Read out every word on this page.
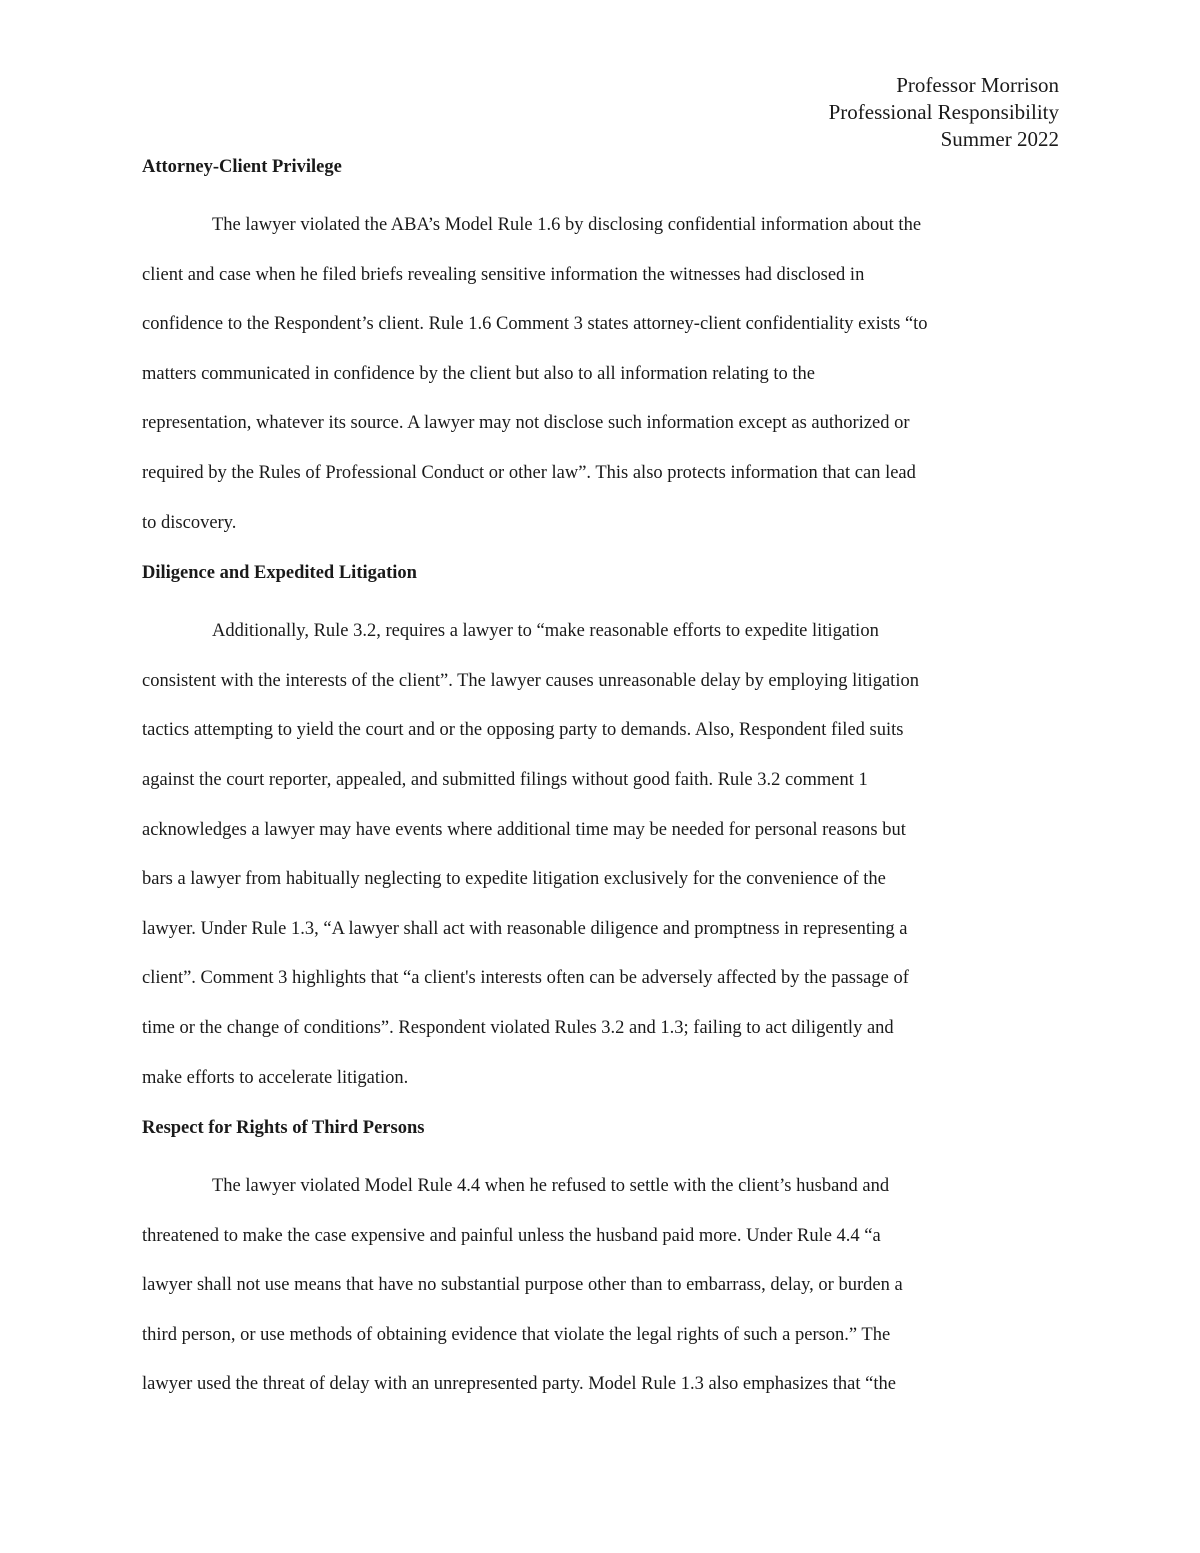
Professor Morrison
Professional Responsibility
Summer 2022
Attorney-Client Privilege
The lawyer violated the ABA’s Model Rule 1.6 by disclosing confidential information about the
client and case when he filed briefs revealing sensitive information the witnesses had disclosed in
confidence to the Respondent’s client. Rule 1.6 Comment 3 states attorney-client confidentiality exists “to
matters communicated in confidence by the client but also to all information relating to the
representation, whatever its source. A lawyer may not disclose such information except as authorized or
required by the Rules of Professional Conduct or other law”. This also protects information that can lead
to discovery.
Diligence and Expedited Litigation
Additionally, Rule 3.2, requires a lawyer to “make reasonable efforts to expedite litigation
consistent with the interests of the client”. The lawyer causes unreasonable delay by employing litigation
tactics attempting to yield the court and or the opposing party to demands. Also, Respondent filed suits
against the court reporter, appealed, and submitted filings without good faith. Rule 3.2 comment 1
acknowledges a lawyer may have events where additional time may be needed for personal reasons but
bars a lawyer from habitually neglecting to expedite litigation exclusively for the convenience of the
lawyer. Under Rule 1.3, “A lawyer shall act with reasonable diligence and promptness in representing a
client”. Comment 3 highlights that “a client's interests often can be adversely affected by the passage of
time or the change of conditions”. Respondent violated Rules 3.2 and 1.3; failing to act diligently and
make efforts to accelerate litigation.
Respect for Rights of Third Persons
The lawyer violated Model Rule 4.4 when he refused to settle with the client’s husband and
threatened to make the case expensive and painful unless the husband paid more. Under Rule 4.4 “a
lawyer shall not use means that have no substantial purpose other than to embarrass, delay, or burden a
third person, or use methods of obtaining evidence that violate the legal rights of such a person.” The
lawyer used the threat of delay with an unrepresented party. Model Rule 1.3 also emphasizes that “the
